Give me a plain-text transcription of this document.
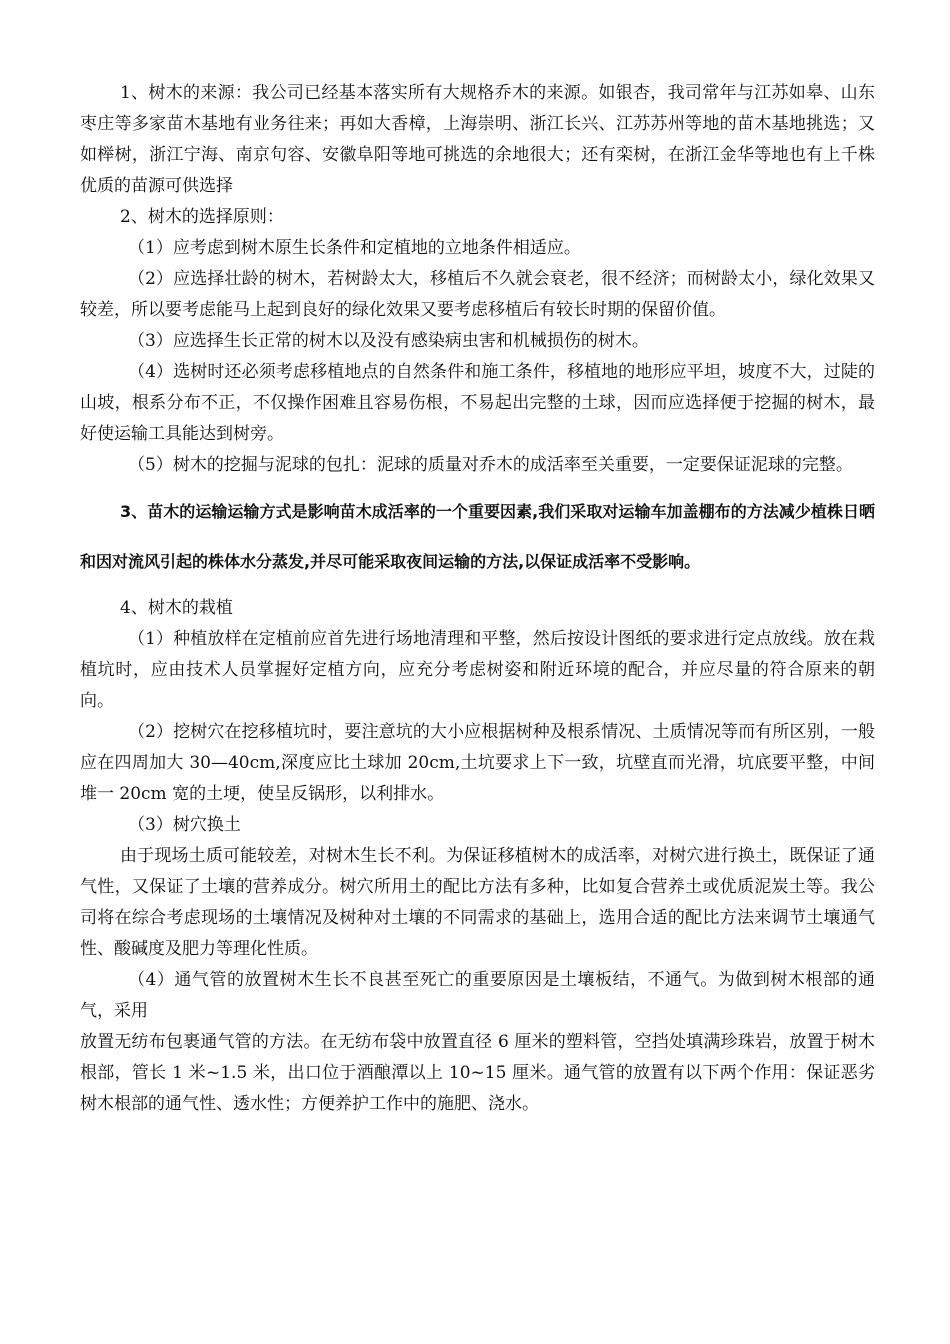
1、树木的来源：我公司已经基本落实所有大规格乔木的来源。如银杏，我司常年与江苏如皋、山东枣庄等多家苗木基地有业务往来；再如大香樟，上海崇明、浙江长兴、江苏苏州等地的苗木基地挑选；又如榉树，浙江宁海、南京句容、安徽阜阳等地可挑选的余地很大；还有栾树，在浙江金华等地也有上千株优质的苗源可供选择

2、树木的选择原则：

（1）应考虑到树木原生长条件和定植地的立地条件相适应。

（2）应选择壮龄的树木，若树龄太大，移植后不久就会衰老，很不经济；而树龄太小，绿化效果又较差，所以要考虑能马上起到良好的绿化效果又要考虑移植后有较长时期的保留价值。

（3）应选择生长正常的树木以及没有感染病虫害和机械损伤的树木。

（4）选树时还必须考虑移植地点的自然条件和施工条件，移植地的地形应平坦，坡度不大，过陡的山坡，根系分布不正，不仅操作困难且容易伤根，不易起出完整的土球，因而应选择便于挖掘的树木，最好使运输工具能达到树旁。

（5）树木的挖掘与泥球的包扎：泥球的质量对乔木的成活率至关重要，一定要保证泥球的完整。

3、苗木的运输运输方式是影响苗木成活率的一个重要因素,我们采取对运输车加盖棚布的方法减少植株日晒和因对流风引起的株体水分蒸发,并尽可能采取夜间运输的方法,以保证成活率不受影响。

4、树木的栽植

（1）种植放样在定植前应首先进行场地清理和平整，然后按设计图纸的要求进行定点放线。放在栽植坑时，应由技术人员掌握好定植方向，应充分考虑树姿和附近环境的配合，并应尽量的符合原来的朝向。

（2）挖树穴在挖移植坑时，要注意坑的大小应根据树种及根系情况、土质情况等而有所区别，一般应在四周加大 30—40cm,深度应比土球加 20cm,土坑要求上下一致，坑壁直而光滑，坑底要平整，中间堆一 20cm 宽的土埂，使呈反锅形，以利排水。

（3）树穴换土

由于现场土质可能较差，对树木生长不利。为保证移植树木的成活率，对树穴进行换土，既保证了通气性，又保证了土壤的营养成分。树穴所用土的配比方法有多种，比如复合营养土或优质泥炭土等。我公司将在综合考虑现场的土壤情况及树种对土壤的不同需求的基础上，选用合适的配比方法来调节土壤通气性、酸碱度及肥力等理化性质。

（4）通气管的放置树木生长不良甚至死亡的重要原因是土壤板结，不通气。为做到树木根部的通气，采用

放置无纺布包裹通气管的方法。在无纺布袋中放置直径 6 厘米的塑料管，空挡处填满珍珠岩，放置于树木根部，管长 1 米~1.5 米，出口位于酒酿潭以上 10~15 厘米。通气管的放置有以下两个作用：保证恶劣树木根部的通气性、透水性；方便养护工作中的施肥、浇水。
